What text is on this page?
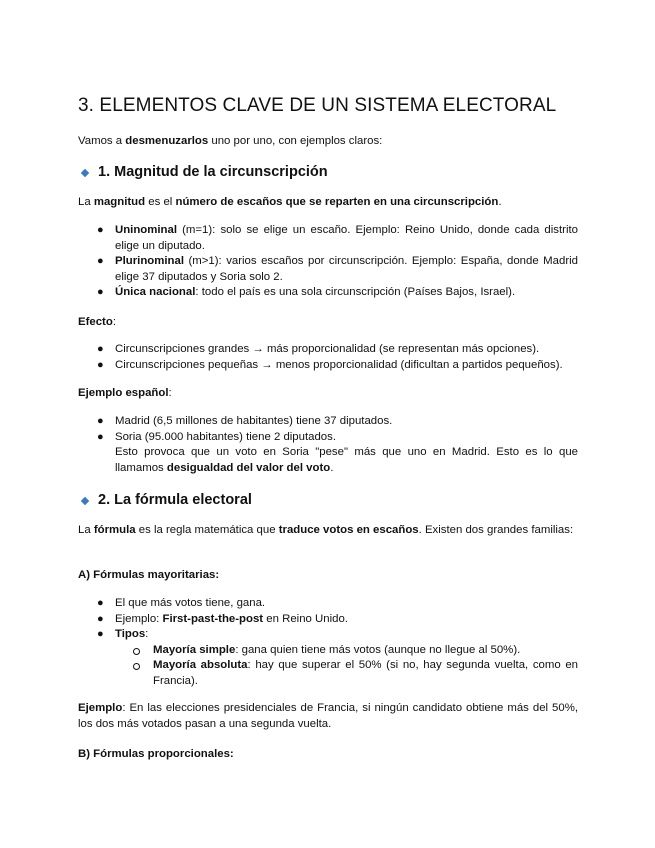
3. ELEMENTOS CLAVE DE UN SISTEMA ELECTORAL

Vamos a desmenuzarlos uno por uno, con ejemplos claros:

1. Magnitud de la circunscripción

La magnitud es el número de escaños que se reparten en una circunscripción.

● Uninominal (m=1): solo se elige un escaño. Ejemplo: Reino Unido, donde cada distrito elige un diputado.
● Plurinominal (m>1): varios escaños por circunscripción. Ejemplo: España, donde Madrid elige 37 diputados y Soria solo 2.
● Única nacional: todo el país es una sola circunscripción (Países Bajos, Israel).

Efecto:

● Circunscripciones grandes → más proporcionalidad (se representan más opciones).
● Circunscripciones pequeñas → menos proporcionalidad (dificultan a partidos pequeños).

Ejemplo español:

● Madrid (6,5 millones de habitantes) tiene 37 diputados.
● Soria (95.000 habitantes) tiene 2 diputados.
Esto provoca que un voto en Soria "pese" más que uno en Madrid. Esto es lo que llamamos desigualdad del valor del voto.
2. La fórmula electoral

La fórmula es la regla matemática que traduce votos en escaños. Existen dos grandes familias:

A) Fórmulas mayoritarias:

● El que más votos tiene, gana.
● Ejemplo: First-past-the-post en Reino Unido.
● Tipos:
Mayoría simple: gana quien tiene más votos (aunque no llegue al 50%).
Mayoría absoluta: hay que superar el 50% (si no, hay segunda vuelta, como en Francia).

Ejemplo: En las elecciones presidenciales de Francia, si ningún candidato obtiene más del 50%, los dos más votados pasan a una segunda vuelta.

B) Fórmulas proporcionales:
